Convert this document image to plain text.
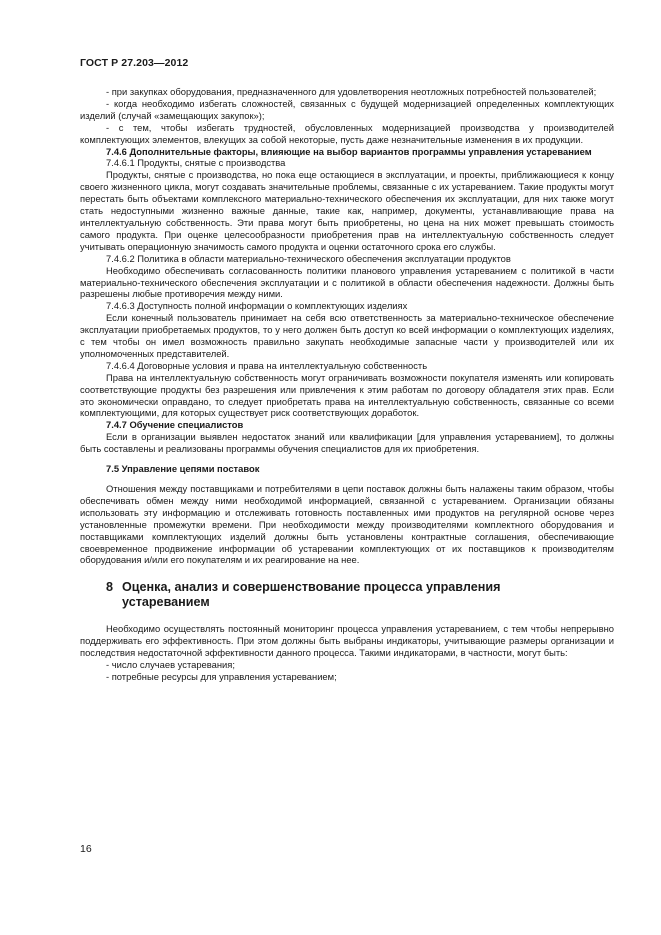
ГОСТ Р 27.203—2012

- при закупках оборудования, предназначенного для удовлетворения неотложных потребностей пользователей;

- когда необходимо избегать сложностей, связанных с будущей модернизацией определенных комплектующих изделий (случай «замещающих закупок»);

- с тем, чтобы избегать трудностей, обусловленных модернизацией производства у производителей комплектующих элементов, влекущих за собой некоторые, пусть даже незначительные изменения в их продукции.

7.4.6 Дополнительные факторы, влияющие на выбор вариантов программы управления устареванием
7.4.6.1 Продукты, снятые с производства

Продукты, снятые с производства, но пока еще остающиеся в эксплуатации, и проекты, приближающиеся к концу своего жизненного цикла, могут создавать значительные проблемы, связанные с их устареванием. Такие продукты могут перестать быть объектами комплексного материально-технического обеспечения их эксплуатации, для них также могут стать недоступными жизненно важные данные, такие как, например, документы, устанавливающие права на интеллектуальную собственность. Эти права могут быть приобретены, но цена на них может превышать стоимость самого продукта. При оценке целесообразности приобретения прав на интеллектуальную собственность следует учитывать операционную значимость самого продукта и оценки остаточного срока его службы.

7.4.6.2 Политика в области материально-технического обеспечения эксплуатации продуктов

Необходимо обеспечивать согласованность политики планового управления устареванием с политикой в части материально-технического обеспечения эксплуатации и с политикой в области обеспечения надежности. Должны быть разрешены любые противоречия между ними.

7.4.6.3 Доступность полной информации о комплектующих изделиях

Если конечный пользователь принимает на себя всю ответственность за материально-техническое обеспечение эксплуатации приобретаемых продуктов, то у него должен быть доступ ко всей информации о комплектующих изделиях, с тем чтобы он имел возможность правильно закупать необходимые запасные части у производителей или их уполномоченных представителей.

7.4.6.4 Договорные условия и права на интеллектуальную собственность

Права на интеллектуальную собственность могут ограничивать возможности покупателя изменять или копировать соответствующие продукты без разрешения или привлечения к этим работам по договору обладателя этих прав. Если это экономически оправдано, то следует приобретать права на интеллектуальную собственность, связанные со всеми комплектующими, для которых существует риск соответствующих доработок.

7.4.7 Обучение специалистов

Если в организации выявлен недостаток знаний или квалификации [для управления устареванием], то должны быть составлены и реализованы программы обучения специалистов для их приобретения.

7.5 Управление цепями поставок

Отношения между поставщиками и потребителями в цепи поставок должны быть налажены таким образом, чтобы обеспечивать обмен между ними необходимой информацией, связанной с устареванием. Организации обязаны использовать эту информацию и отслеживать готовность поставленных ими продуктов на регулярной основе через установленные промежутки времени. При необходимости между производителями комплектного оборудования и поставщиками комплектующих изделий должны быть установлены контрактные соглашения, обеспечивающие своевременное продвижение информации об устаревании комплектующих от их поставщиков к производителям оборудования и/или его покупателям и их реагирование на нее.

8 Оценка, анализ и совершенствование процесса управления
устареванием

Необходимо осуществлять постоянный мониторинг процесса управления устареванием, с тем чтобы непрерывно поддерживать его эффективность. При этом должны быть выбраны индикаторы, учитывающие размеры организации и последствия недостаточной эффективности данного процесса. Такими индикаторами, в частности, могут быть:

- число случаев устаревания;

- потребные ресурсы для управления устареванием;

16
